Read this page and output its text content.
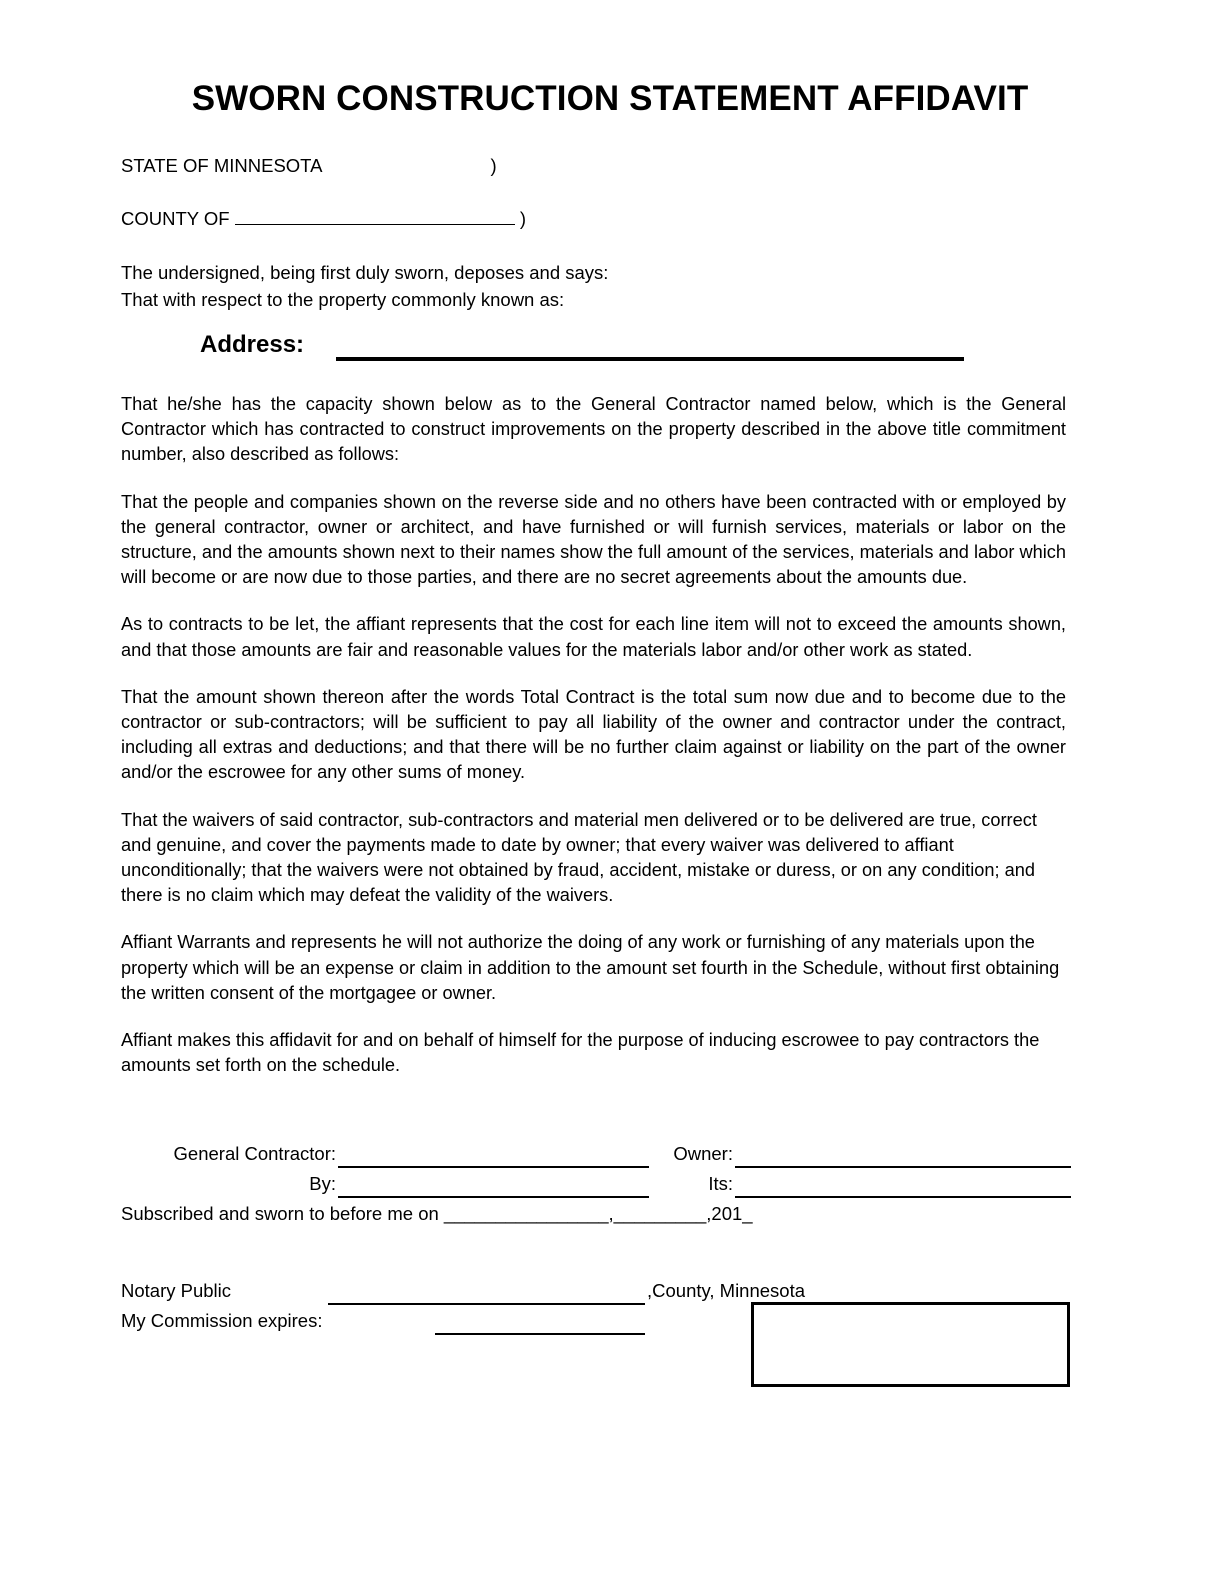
SWORN CONSTRUCTION STATEMENT AFFIDAVIT
STATE OF MINNESOTA	)
COUNTY OF	)
The undersigned, being first duly sworn, deposes and says:
That with respect to the property commonly known as:
Address:

That he/she has the capacity shown below as to the General Contractor named below, which is the General Contractor which has contracted to construct improvements on the property described in the above title commitment number, also described as follows:

That the people and companies shown on the reverse side and no others have been contracted with or employed by the general contractor, owner or architect, and have furnished or will furnish services, materials or labor on the structure, and the amounts shown next to their names show the full amount of the services, materials and labor which will become or are now due to those parties, and there are no secret agreements about the amounts due.

As to contracts to be let, the affiant represents that the cost for each line item will not to exceed the amounts shown, and that those amounts are fair and reasonable values for the materials labor and/or other work as stated.

That the amount shown thereon after the words Total Contract is the total sum now due and to become due to the contractor or sub-contractors; will be sufficient to pay all liability of the owner and contractor under the contract, including all extras and deductions; and that there will be no further claim against or liability on the part of the owner and/or the escrowee for any other sums of money.

That the waivers of said contractor, sub-contractors and material men delivered or to be delivered are true, correct and genuine, and cover the payments made to date by owner; that every waiver was delivered to affiant unconditionally; that the waivers were not obtained by fraud, accident, mistake or duress, or on any condition; and there is no claim which may defeat the validity of the waivers.

Affiant Warrants and represents he will not authorize the doing of any work or furnishing of any materials upon the property which will be an expense or claim in addition to the amount set fourth in the Schedule, without first obtaining the written consent of the mortgagee or owner.

Affiant makes this affidavit for and on behalf of himself for the purpose of inducing escrowee to pay contractors the amounts set forth on the schedule.

General Contractor:	Owner:
By:	Its:
Subscribed and sworn to before me on ________________,_________,201_
Notary Public	,County, Minnesota
My Commission expires:
